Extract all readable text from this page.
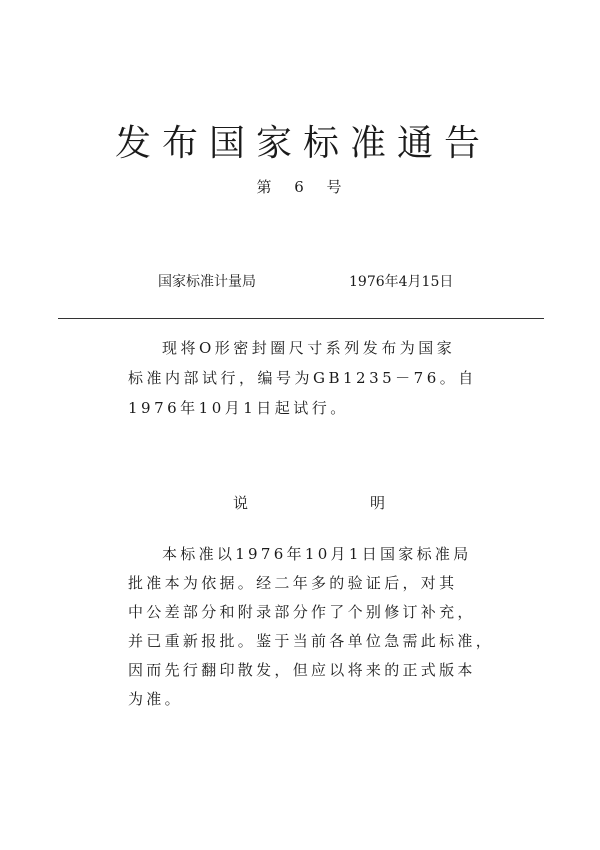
发布国家标准通告
第 6 号
国家标准计量局	1976年4月15日
现将O形密封圈尺寸系列发布为国家
标准内部试行，编号为GB1235－76。自
1976年10月1日起试行。
说	明
本标准以1976年10月1日国家标准局
批准本为依据。经二年多的验证后，对其
中公差部分和附录部分作了个别修订补充，
并已重新报批。鉴于当前各单位急需此标准，
因而先行翻印散发，但应以将来的正式版本
为准。
